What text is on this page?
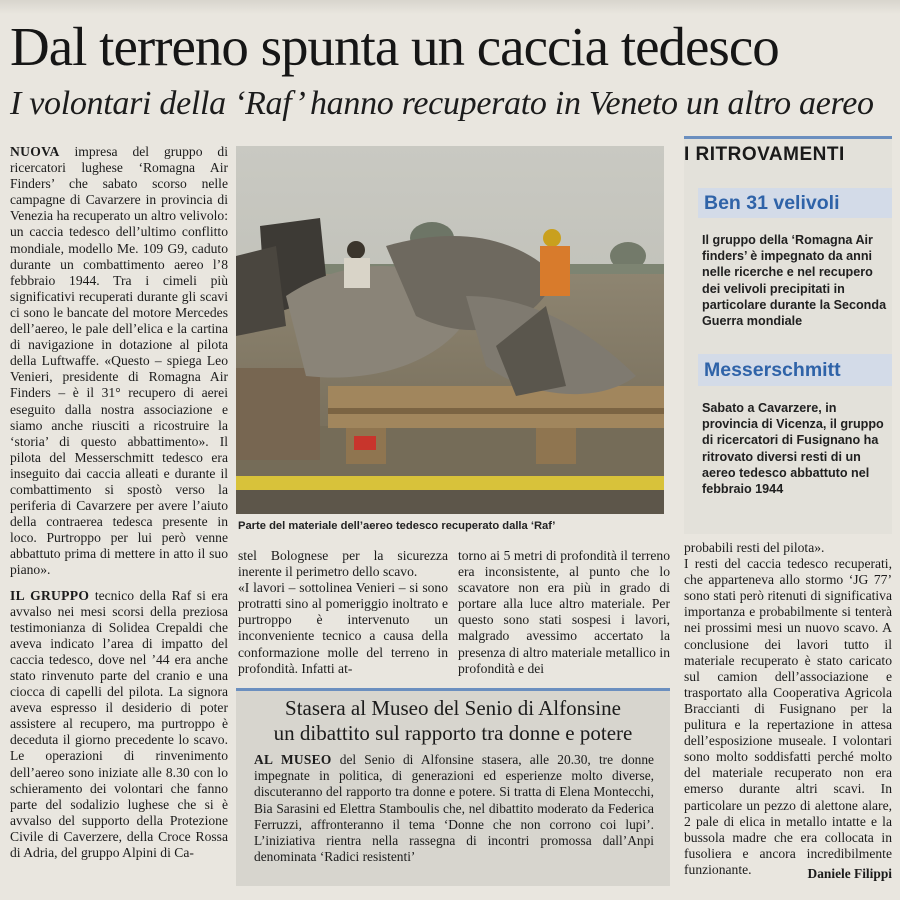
Dal terreno spunta un caccia tedesco
I volontari della ‘Raf’ hanno recuperato in Veneto un altro aereo

NUOVA impresa del gruppo di ricercatori lughese ‘Romagna Air Finders’ che sabato scorso nelle campagne di Cavarzere in provincia di Venezia ha recuperato un altro velivolo: un caccia tedesco dell’ultimo conflitto mondiale, modello Me. 109 G9, caduto durante un combattimento aereo l’8 febbraio 1944. Tra i cimeli più significativi recuperati durante gli scavi ci sono le bancate del motore Mercedes dell’aereo, le pale dell’elica e la cartina di navigazione in dotazione al pilota della Luftwaffe. «Questo – spiega Leo Venieri, presidente di Romagna Air Finders – è il 31° recupero di aerei eseguito dalla nostra associazione e siamo anche riusciti a ricostruire la ‘storia’ di questo abbattimento». Il pilota del Messerschmitt tedesco era inseguito dai caccia alleati e durante il combattimento si spostò verso la periferia di Cavarzere per avere l’aiuto della contraerea tedesca presente in loco. Purtroppo per lui però venne abbattuto prima di mettere in atto il suo piano».

IL GRUPPO tecnico della Raf si era avvalso nei mesi scorsi della preziosa testimonianza di Solidea Crepaldi che aveva indicato l’area di impatto del caccia tedesco, dove nel ’44 era anche stato rinvenuto parte del cranio e una ciocca di capelli del pilota. La signora aveva espresso il desiderio di poter assistere al recupero, ma purtroppo è deceduta il giorno precedente lo scavo. Le operazioni di rinvenimento dell’aereo sono iniziate alle 8.30 con lo schieramento dei volontari che fanno parte del sodalizio lughese che si è avvalso del supporto della Protezione Civile di Caverzere, della Croce Rossa di Adria, del gruppo Alpini di Ca-

Parte del materiale dell’aereo tedesco recuperato dalla ‘Raf’
I RITROVAMENTI
Ben 31 velivoli
Il gruppo della ‘Romagna Air finders’ è impegnato da anni nelle ricerche e nel recupero dei velivoli precipitati in particolare durante la Seconda Guerra mondiale
Messerschmitt
Sabato a Cavarzere, in provincia di Vicenza, il gruppo di ricercatori di Fusignano ha ritrovato diversi resti di un aereo tedesco abbattuto nel febbraio 1944

stel Bolognese per la sicurezza inerente il perimetro dello scavo.

«I lavori – sottolinea Venieri – si sono protratti sino al pomeriggio inoltrato e purtroppo è intervenuto un inconveniente tecnico a causa della conformazione molle del terreno in profondità. Infatti at-

torno ai 5 metri di profondità il terreno era inconsistente, al punto che lo scavatore non era più in grado di portare alla luce altro materiale. Per questo sono stati sospesi i lavori, malgrado avessimo accertato la presenza di altro materiale metallico in profondità e dei

probabili resti del pilota».

I resti del caccia tedesco recuperati, che apparteneva allo stormo ‘JG 77’ sono stati però ritenuti di significativa importanza e probabilmente si tenterà nei prossimi mesi un nuovo scavo. A conclusione dei lavori tutto il materiale recuperato è stato caricato sul camion dell’associazione e trasportato alla Cooperativa Agricola Braccianti di Fusignano per la pulitura e la repertazione in attesa dell’esposizione museale. I volontari sono molto soddisfatti perché molto del materiale recuperato non era emerso durante altri scavi. In particolare un pezzo di alettone alare, 2 pale di elica in metallo intatte e la bussola madre che era collocata in fusoliera e ancora incredibilmente funzionante.

Stasera al Museo del Senio di Alfonsine
un dibattito sul rapporto tra donne e potere
AL MUSEO del Senio di Alfonsine stasera, alle 20.30, tre donne impegnate in politica, di generazioni ed esperienze molto diverse, discuteranno del rapporto tra donne e potere. Si tratta di Elena Montecchi, Bia Sarasini ed Elettra Stamboulis che, nel dibattito moderato da Federica Ferruzzi, affronteranno il tema ‘Donne che non corrono coi lupi’. L’iniziativa rientra nella rassegna di incontri promossa dall’Anpi denominata ‘Radici resistenti’
Daniele Filippi
